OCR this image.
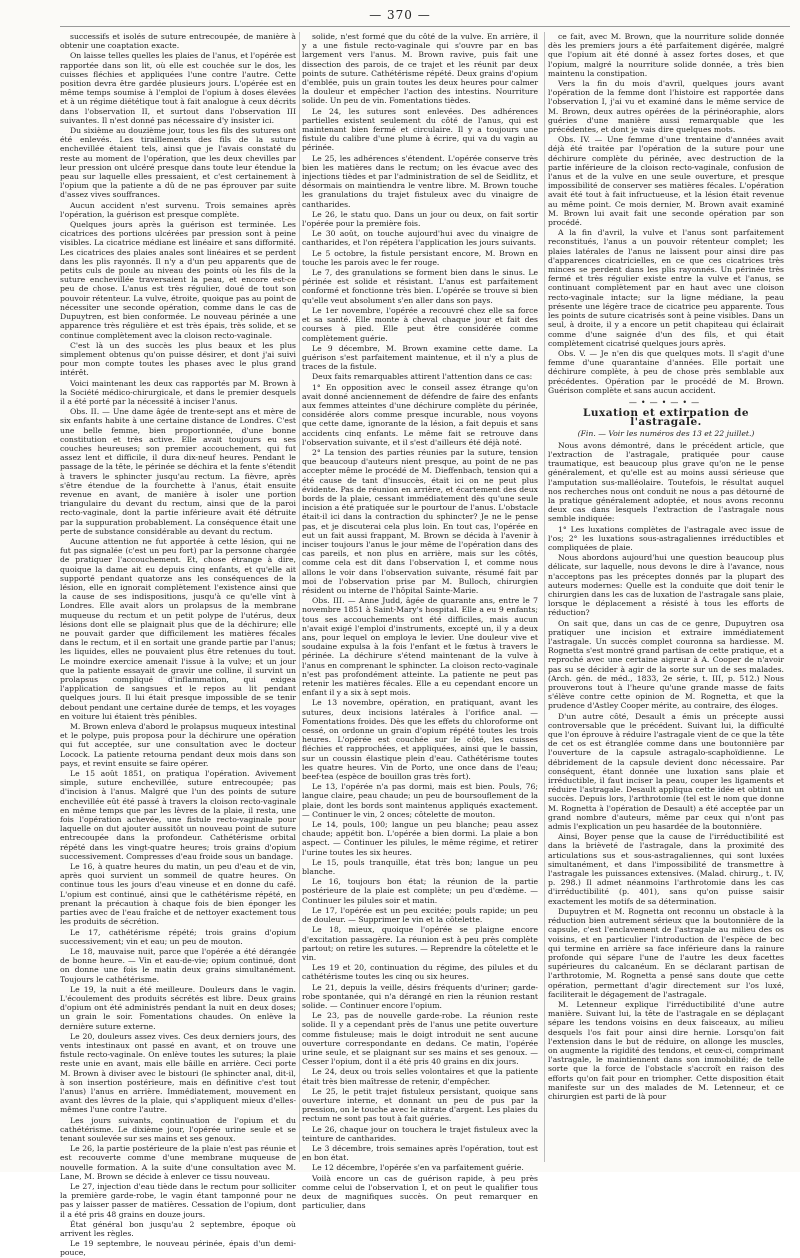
— 370 —

successifs et isolés de suture entrecoupée, de manière à obtenir une coaptation exacte.

On laisse telles quelles les plaies de l'anus, et l'opérée est rapportée dans son lit, où elle est couchée sur le dos, les cuisses fléchies et appliquées l'une contre l'autre. Cette position devra être gardée plusieurs jours. L'opérée est en même temps soumise à l'emploi de l'opium à doses élevées et à un régime diététique tout à fait analogue à ceux décrits dans l'observation II, et surtout dans l'observation III suivantes. Il n'est donné pas nécessaire d'y insister ici.

Du sixième au douzième jour, tous les fils des sutures ont été enlevés. Les tiraillements des fils de la suture enchevillée étaient tels, ainsi que je l'avais constaté du reste au moment de l'opération, que les deux chevilles par leur pression ont ulcéré presque dans toute leur étendue la peau sur laquelle elles pressaient, et c'est certainement à l'opium que la patiente a dû de ne pas éprouver par suite d'assez vives souffrances.

Aucun accident n'est survenu. Trois semaines après l'opération, la guérison est presque complète.

Quelques jours après la guérison est terminée. Les cicatrices des portions ulcérées par pression sont à peine visibles. La cicatrice médiane est linéaire et sans difformité. Les cicatrices des plaies anales sont linéaires et se perdent dans les plis rayonnés. Il n'y a d'un peu apparents que de petits culs de poule au niveau des points où les fils de la suture enchevillée traversaient la peau, et encore est-ce peu de chose. L'anus est très régulier, doué de tout son pouvoir rétenteur. La vulve, étroite, quoique pas au point de nécessiter une seconde opération, comme dans le cas de Dupuytren, est bien conformée. Le nouveau périnée a une apparence très régulière et est très épais, très solide, et se continue complètement avec la cloison recto-vaginale.

C'est là un des succès les plus beaux et les plus simplement obtenus qu'on puisse désirer, et dont j'ai suivi pour mon compte toutes les phases avec le plus grand intérêt.

Voici maintenant les deux cas rapportés par M. Brown à la Société médico-chirurgicale, et dans le premier desquels il a été porté par la nécessité à inciser l'anus.

Obs. II. — Une dame âgée de trente-sept ans et mère de six enfants habite à une certaine distance de Londres. C'est une belle femme, bien proportionnée, d'une bonne constitution et très active. Elle avait toujours eu ses couches heureuses; son premier accouchement, qui fut assez lent et difficile, il dura dix-neuf heures. Pendant le passage de la tête, le périnée se déchira et la fente s'étendit à travers le sphincter jusqu'au rectum. La fièvre, après s'être étendue de la fourchette à l'anus, était ensuite revenue en avant, de manière à isoler une portion triangulaire du devant du rectum, ainsi que de la paroi recto-vaginale, dont la partie inférieure avait été détruite par la suppuration probablement. La conséquence était une perte de substance considérable au devant du rectum.

Aucune attention ne fut apportée à cette lésion, qui ne fut pas signalée (c'est un peu fort) par la personne chargée de pratiquer l'accouchement. Et, chose étrange à dire, quoique la dame ait eu depuis cinq enfants, et qu'elle ait supporté pendant quatorze ans les conséquences de la lésion, elle en ignorait complètement l'existence ainsi que la cause de ses indispositions, jusqu'à ce qu'elle vînt à Londres. Elle avait alors un prolapsus de la membrane muqueuse du rectum et un petit polype de l'utérus, deux lésions dont elle se plaignait plus que de la déchirure; elle ne pouvait garder que difficilement les matières fécales dans le rectum, et il en sortait une grande partie par l'anus; les liquides, elles ne pouvaient plus être retenues du tout. Le moindre exercice amenait l'issue à la vulve; et un jour que la patiente essayait de gravir une colline, il survint un prolapsus compliqué d'inflammation, qui exigea l'application de sangsues et le repos au lit pendant quelques jours. Il lui était presque impossible de se tenir debout pendant une certaine durée de temps, et les voyages en voiture lui étaient très pénibles.

M. Brown enleva d'abord le prolapsus muqueux intestinal et le polype, puis proposa pour la déchirure une opération qui fut acceptée, sur une consultation avec le docteur Locock. La patiente retourna pendant deux mois dans son pays, et revint ensuite se faire opérer.

Le 15 août 1851, on pratiqua l'opération. Avivement simple, suture enchevillée, suture entrecoupée; pas d'incision à l'anus. Malgré que l'un des points de suture enchevillée eût été passé à travers la cloison recto-vaginale en même temps que par les lèvres de la plaie, il resta, une fois l'opération achevée, une fistule recto-vaginale pour laquelle on dut ajouter aussitôt un nouveau point de suture entrecoupée dans la profondeur. Cathétérisme orbital répété dans les vingt-quatre heures; trois grains d'opium successivement. Compresses d'eau froide sous un bandage.

Le 16, à quatre heures du matin, un peu d'eau et de vin, après quoi survient un sommeil de quatre heures. On continue tous les jours d'eau vineuse et en donne du café. L'opium est continué, ainsi que le cathétérisme répété, en prenant la précaution à chaque fois de bien éponger les parties avec de l'eau fraîche et de nettoyer exactement tous les produits de sécrétion.

Le 17, cathétérisme répété; trois grains d'opium successivement; vin et eau; un peu de mouton.

Le 18, mauvaise nuit, parce que l'opérée a été dérangée de bonne heure. — Vin et eau-de-vie; opium continué, dont on donne une fois le matin deux grains simultanément. Toujours le cathétérisme.

Le 19, la nuit a été meilleure. Douleurs dans le vagin. L'écoulement des produits sécrétés est libre. Deux grains d'opium ont été administrés pendant la nuit en deux doses; un grain le soir. Fomentations chaudes. On enlève la dernière suture externe.

Le 20, douleurs assez vives. Ces deux derniers jours, des vents intestinaux ont passé en avant, et on trouve une fistule recto-vaginale. On enlève toutes les sutures; la plaie reste unie en avant, mais elle bâille en arrière. Ceci porte M. Brown à diviser avec le bistouri (le sphincter anal, dit-il, à son insertion postérieure, mais en définitive c'est tout l'anus) l'anus en arrière. Immédiatement, mouvement en avant des lèvres de la plaie, qui s'appliquent mieux d'elles-mêmes l'une contre l'autre.

Les jours suivants, continuation de l'opium et du cathétérisme. Le dixième jour, l'opérée urine seule et se tenant soulevée sur ses mains et ses genoux.

Le 26, la partie postérieure de la plaie n'est pas réunie et est recouverte comme d'une membrane muqueuse de nouvelle formation. A la suite d'une consultation avec M. Lane, M. Brown se décide à enlever ce tissu nouveau.

Le 27, injection d'eau tiède dans le rectum pour solliciter la première garde-robe, le vagin étant tamponné pour ne pas y laisser passer de matières. Cessation de l'opium, dont il a été pris 48 grains en douze jours.

État général bon jusqu'au 2 septembre, époque où arrivent les règles.

Le 19 septembre, le nouveau périnée, épais d'un demi-pouce,

solide, n'est formé que du côté de la vulve. En arrière, il y a une fistule recto-vaginale qui s'ouvre par en bas largement vers l'anus. M. Brown ravive, puis fait une dissection des parois, de ce trajet et les réunit par deux points de suture. Cathétérisme répété. Deux grains d'opium d'emblée, puis un grain toutes les deux heures pour calmer la douleur et empêcher l'action des intestins. Nourriture solide. Un peu de vin. Fomentations tièdes.

Le 24, les sutures sont enlevées. Des adhérences partielles existent seulement du côté de l'anus, qui est maintenant bien fermé et circulaire. Il y a toujours une fistule du calibre d'une plume à écrire, qui va du vagin au périnée.

Le 25, les adhérences s'étendent. L'opérée conserve très bien les matières dans le rectum; on les évacue avec des injections tièdes et par l'administration de sel de Seidlitz, et désormais on maintiendra le ventre libre. M. Brown touche les granulations du trajet fistuleux avec du vinaigre de cantharides.

Le 26, le statu quo. Dans un jour ou deux, on fait sortir l'opérée pour la première fois.

Le 30 août, on touche aujourd'hui avec du vinaigre de cantharides, et l'on répétera l'application les jours suivants.

Le 5 octobre, la fistule persistant encore, M. Brown en touche les parois avec le fer rouge.

Le 7, des granulations se forment bien dans le sinus. Le périnée est solide et résistant. L'anus est parfaitement conformé et fonctionne très bien. L'opérée se trouve si bien qu'elle veut absolument s'en aller dans son pays.

Le 1er novembre, l'opérée a recouvré chez elle sa force et sa santé. Elle monte à cheval chaque jour et fait des courses à pied. Elle peut être considérée comme complètement guérie.

Le 9 décembre, M. Brown examine cette dame. La guérison s'est parfaitement maintenue, et il n'y a plus de traces de la fistule.

Deux faits remarquables attirent l'attention dans ce cas:

1° En opposition avec le conseil assez étrange qu'on avait donné anciennement de défendre de faire des enfants aux femmes atteintes d'une déchirure complète du périnée, considérée alors comme presque incurable, nous voyons que cette dame, ignorante de la lésion, a fait depuis et sans accidents cinq enfants. Le même fait se retrouve dans l'observation suivante, et il s'est d'ailleurs été déjà noté.

2° La tension des parties réunies par la suture, tension que beaucoup d'auteurs nient presque, au point de ne pas accepter même le procédé de M. Dieffenbach, tension qui a été cause de tant d'insuccès, était ici on ne peut plus évidente. Pas de réunion en arrière, et écartement des deux bords de la plaie, cessant immédiatement dès qu'une seule incision a été pratiquée sur le pourtour de l'anus. L'obstacle était-il ici dans la contraction du sphincter? Je ne le pense pas, et je discuterai cela plus loin. En tout cas, l'opérée en eut un fait aussi frappant, M. Brown se décida à l'avenir à inciser toujours l'anus le jour même de l'opération dans des cas pareils, et non plus en arrière, mais sur les côtés, comme cela est dit dans l'observation I, et comme nous allons le voir dans l'observation suivante, résumé fait par moi de l'observation prise par M. Bulloch, chirurgien résident ou interne de l'hôpital Sainte-Marie.

Obs. III. — Anne Judd, âgée de quarante ans, entre le 7 novembre 1851 à Saint-Mary's hospital. Elle a eu 9 enfants; tous ses accouchements ont été difficiles, mais aucun n'avait exigé l'emploi d'instruments, excepté un, il y a deux ans, pour lequel on employa le levier. Une douleur vive et soudaine expulsa à la fois l'enfant et le fœtus à travers le périnée. La déchirure s'étend maintenant de la vulve à l'anus en comprenant le sphincter. La cloison recto-vaginale n'est pas profondément atteinte. La patiente ne peut pas retenir les matières fécales. Elle a eu cependant encore un enfant il y a six à sept mois.

Le 13 novembre, opération, en pratiquant, avant les sutures, deux incisions latérales à l'orifice anal. — Fomentations froides. Dès que les effets du chloroforme ont cessé, on ordonne un grain d'opium répété toutes les trois heures. L'opérée est couchée sur le côté, les cuisses fléchies et rapprochées, et appliquées, ainsi que le bassin, sur un coussin élastique plein d'eau. Cathétérisme toutes les quatre heures. Vin de Porto, une once dans de l'eau; beef-tea (espèce de bouillon gras très fort).

Le 13, l'opérée n'a pas dormi, mais est bien. Pouls, 76; langue claire, peau chaude; un peu de boursouflement de la plaie, dont les bords sont maintenus appliqués exactement. — Continuer le vin, 2 onces; côtelette de mouton.

Le 14, pouls, 100; langue un peu blanche; peau assez chaude; appétit bon. L'opérée a bien dormi. La plaie a bon aspect. — Continuer les pilules, le même régime, et retirer l'urine toutes les six heures.

Le 15, pouls tranquille, état très bon; langue un peu blanche.

Le 16, toujours bon état; la réunion de la partie postérieure de la plaie est complète; un peu d'œdème. — Continuer les pilules soir et matin.

Le 17, l'opérée est un peu excitée; pouls rapide; un peu de douleur. — Supprimer le vin et la côtelette.

Le 18, mieux, quoique l'opérée se plaigne encore d'excitation passagère. La réunion est à peu près complète partout; on retire les sutures. — Reprendre la côtelette et le vin.

Les 19 et 20, continuation du régime, des pilules et du cathétérisme toutes les cinq ou six heures.

Le 21, depuis la veille, désirs fréquents d'uriner; garde-robe spontanée, qui n'a dérangé en rien la réunion restant solide. — Continuer encore l'opium.

Le 23, pas de nouvelle garde-robe. La réunion reste solide. Il y a cependant près de l'anus une petite ouverture comme fistuleuse; mais le doigt introduit ne sent aucune ouverture correspondante en dedans. Ce matin, l'opérée urine seule, et se plaignant sur ses mains et ses genoux. — Cesser l'opium, dont il a été pris 40 grains en dix jours.

Le 24, deux ou trois selles volontaires et que la patiente était très bien maîtresse de retenir, d'empêcher.

Le 25, le petit trajet fistuleux persistant, quoique sans ouverture interne, et donnant un peu de pus par la pression, on le touche avec le nitrate d'argent. Les plaies du rectum ne sont pas tout à fait guéries.

Le 26, chaque jour on touchera le trajet fistuleux avec la teinture de cantharides.

Le 3 décembre, trois semaines après l'opération, tout est en bon état.

Le 12 décembre, l'opérée s'en va parfaitement guérie.

Voilà encore un cas de guérison rapide, à peu près comme celui de l'observation I, et on peut le qualifier tous deux de magnifiques succès. On peut remarquer en particulier, dans

ce fait, avec M. Brown, que la nourriture solide donnée dès les premiers jours a été parfaitement digérée, malgré que l'opium ait été donné à assez fortes doses, et que l'opium, malgré la nourriture solide donnée, a très bien maintenu la constipation.

Vers la fin du mois d'avril, quelques jours avant l'opération de la femme dont l'histoire est rapportée dans l'observation I, j'ai vu et examiné dans le même service de M. Brown, deux autres opérées de la périnéoraphie, alors guéries d'une manière aussi remarquable que les précédentes, et dont je vais dire quelques mots.

Obs. IV. — Une femme d'une trentaine d'années avait déjà été traitée par l'opération de la suture pour une déchirure complète du périnée, avec destruction de la partie inférieure de la cloison recto-vaginale, confusion de l'anus et de la vulve en une seule ouverture, et presque impossibilité de conserver ses matières fécales. L'opération avait été tout à fait infructueuse, et la lésion était revenue au même point. Ce mois dernier, M. Brown avait examiné M. Brown lui avait fait une seconde opération par son procédé.

A la fin d'avril, la vulve et l'anus sont parfaitement reconstitués, l'anus a un pouvoir rétenteur complet; les plaies latérales de l'anus ne laissent pour ainsi dire pas d'apparences cicatricielles, en ce que ces cicatrices très minces se perdent dans les plis rayonnés. Un périnée très fermé et très régulier existe entre la vulve et l'anus, se continuant complètement par en haut avec une cloison recto-vaginale intacte; sur la ligne médiane, la peau présente une légère trace de cicatrice peu apparente. Tous les points de suture cicatrisés sont à peine visibles. Dans un seul, à droite, il y a encore un petit chapiteau qui éclairait comme d'une saignée d'un des fils, et qui était complètement cicatrisé quelques jours après.

Obs. V. — Je n'en dis que quelques mots. Il s'agit d'une femme d'une quarantaine d'années. Elle portait une déchirure complète, à peu de chose près semblable aux précédentes. Opération par le procédé de M. Brown. Guérison complète et sans aucun accident.

—•—•—•—
Luxation et extirpation de l'astragale.
(Fin. — Voir les numéros des 13 et 22 juillet.)

Nous avons démontré, dans le précédent article, que l'extraction de l'astragale, pratiquée pour cause traumatique, est beaucoup plus grave qu'on ne le pense généralement, et qu'elle est au moins aussi sérieuse que l'amputation sus-malléolaire. Toutefois, le résultat auquel nos recherches nous ont conduit ne nous a pas détourné de la pratique généralement adoptée, et nous avons reconnu deux cas dans lesquels l'extraction de l'astragale nous semble indiquée:

1° Les luxations complètes de l'astragale avec issue de l'os; 2° les luxations sous-astragaliennes irréductibles et compliquées de plaie.

Nous abordons aujourd'hui une question beaucoup plus délicate, sur laquelle, nous devons le dire à l'avance, nous n'acceptons pas les préceptes donnés par la plupart des auteurs modernes: Quelle est la conduite que doit tenir le chirurgien dans les cas de luxation de l'astragale sans plaie, lorsque le déplacement a résisté à tous les efforts de réduction?

On sait que, dans un cas de ce genre, Dupuytren osa pratiquer une incision et extraire immédiatement l'astragale. Un succès complet couronna sa hardiesse. M. Rognetta s'est montré grand partisan de cette pratique, et a reproché avec une certaine aigreur à A. Cooper de n'avoir pas su se décider à agir de la sorte sur un de ses malades. (Arch. gén. de méd., 1833, 2e série, t. III, p. 512.) Nous prouverons tout à l'heure qu'une grande masse de faits s'élève contre cette opinion de M. Rognetta, et que la prudence d'Astley Cooper mérite, au contraire, des éloges.

D'un autre côté, Desault a émis un précepte aussi controversable que le précédent. Suivant lui, la difficulté que l'on éprouve à réduire l'astragale vient de ce que la tête de cet os est étranglée comme dans une boutonnière par l'ouverture de la capsule astragalo-scaphoïdienne. Le débridement de la capsule devient donc nécessaire. Par conséquent, étant donnée une luxation sans plaie et irréductible, il faut inciser la peau, couper les ligaments et réduire l'astragale. Desault appliqua cette idée et obtint un succès. Depuis lors, l'arthrotomie (tel est le nom que donne M. Rognetta à l'opération de Desault) a été acceptée par un grand nombre d'auteurs, même par ceux qui n'ont pas admis l'explication un peu hasardée de la boutonnière.

Ainsi, Boyer pense que la cause de l'irréductibilité est dans la brièveté de l'astragale, dans la proximité des articulations sus et sous-astragaliennes, qui sont luxées simultanément, et dans l'impossibilité de transmettre à l'astragale les puissances extensives. (Malad. chirurg., t. IV, p. 298.) Il admet néanmoins l'arthrotomie dans les cas d'irréductibilité (p. 401), sans qu'on puisse saisir exactement les motifs de sa détermination.

Dupuytren et M. Rognetta ont reconnu un obstacle à la réduction bien autrement sérieux que la boutonnière de la capsule, c'est l'enclavement de l'astragale au milieu des os voisins, et en particulier l'introduction de l'espèce de bec qui termine en arrière sa face inférieure dans la rainure profonde qui sépare l'une de l'autre les deux facettes supérieures du calcanéum. En se déclarant partisan de l'arthrotomie, M. Rognetta a pensé sans doute que cette opération, permettant d'agir directement sur l'os luxé, faciliterait le dégagement de l'astragale.

M. Letenneur explique l'irréductibilité d'une autre manière. Suivant lui, la tête de l'astragale en se déplaçant sépare les tendons voisins en deux faisceaux, au milieu desquels l'os fait pour ainsi dire hernie. Lorsqu'on fait l'extension dans le but de réduire, on allonge les muscles, on augmente la rigidité des tendons, et ceux-ci, comprimant l'astragale, le maintiennent dans son immobilité; de telle sorte que la force de l'obstacle s'accroît en raison des efforts qu'on fait pour en triompher. Cette disposition était manifeste sur un des malades de M. Letenneur, et ce chirurgien est parti de là pour
